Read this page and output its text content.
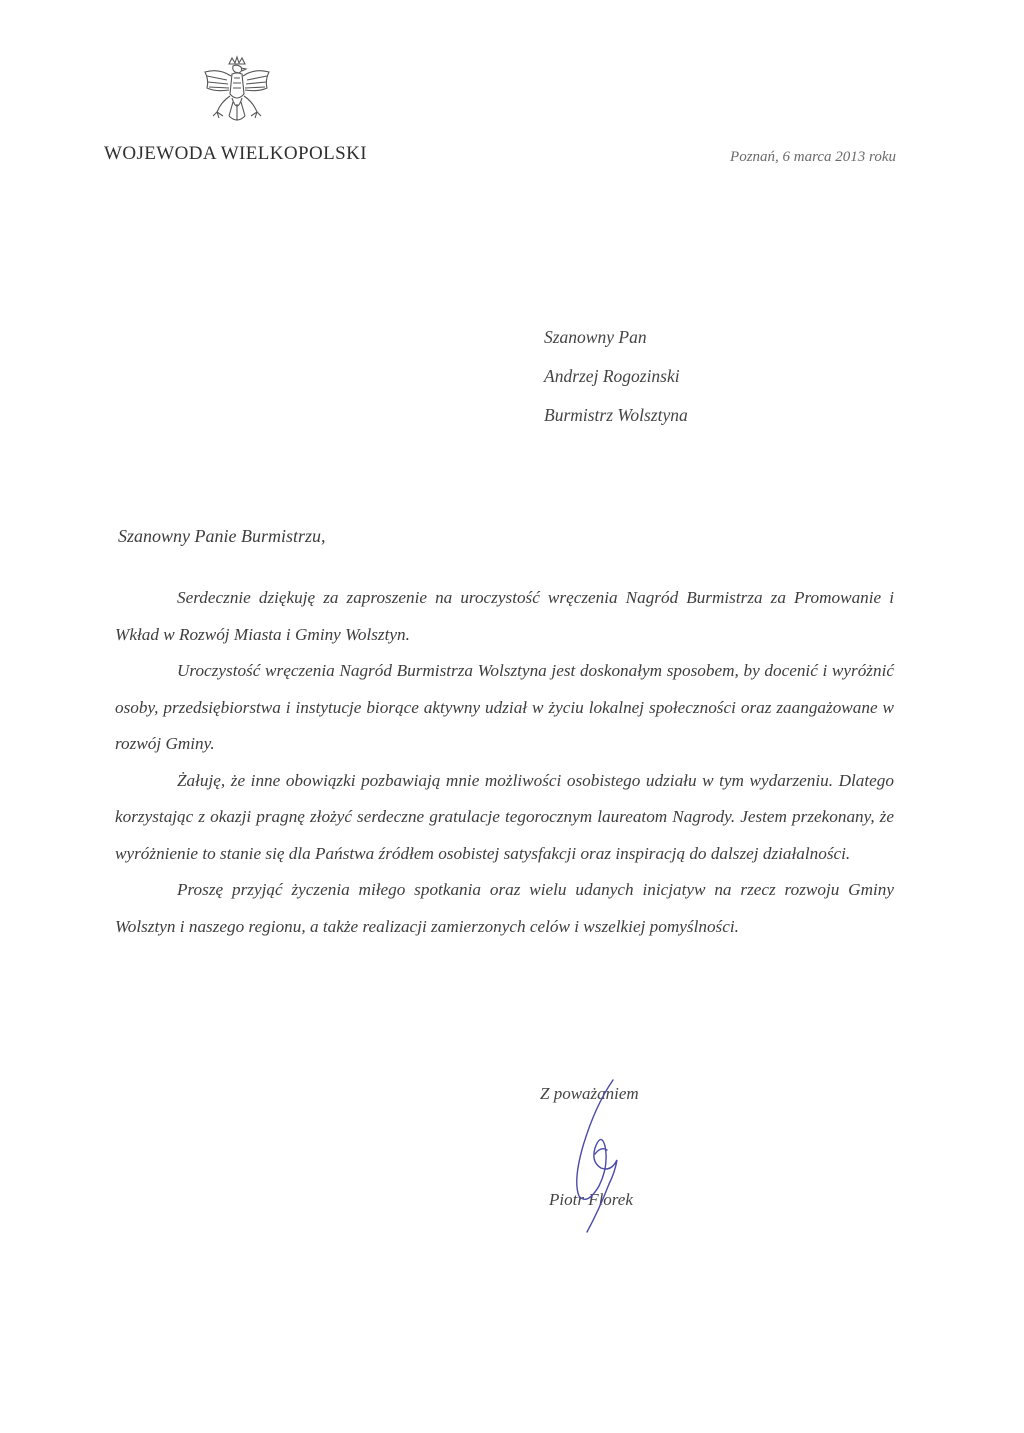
WOJEWODA WIELKOPOLSKI	Poznań, 6 marca 2013 roku
Szanowny Pan
Andrzej Rogozinski
Burmistrz Wolsztyna
Szanowny Panie Burmistrzu,

Serdecznie dziękuję za zaproszenie na uroczystość wręczenia Nagród Burmistrza za Promowanie i Wkład w Rozwój Miasta i Gminy Wolsztyn.

Uroczystość wręczenia Nagród Burmistrza Wolsztyna jest doskonałym sposobem, by docenić i wyróżnić osoby, przedsiębiorstwa i instytucje biorące aktywny udział w życiu lokalnej społeczności oraz zaangażowane w rozwój Gminy.

Żałuję, że inne obowiązki pozbawiają mnie możliwości osobistego udziału w tym wydarzeniu. Dlatego korzystając z okazji pragnę złożyć serdeczne gratulacje tegorocznym laureatom Nagrody. Jestem przekonany, że wyróżnienie to stanie się dla Państwa źródłem osobistej satysfakcji oraz inspiracją do dalszej działalności.

Proszę przyjąć życzenia miłego spotkania oraz wielu udanych inicjatyw na rzecz rozwoju Gminy Wolsztyn i naszego regionu, a także realizacji zamierzonych celów i wszelkiej pomyślności.

Z poważaniem
Piotr Florek
